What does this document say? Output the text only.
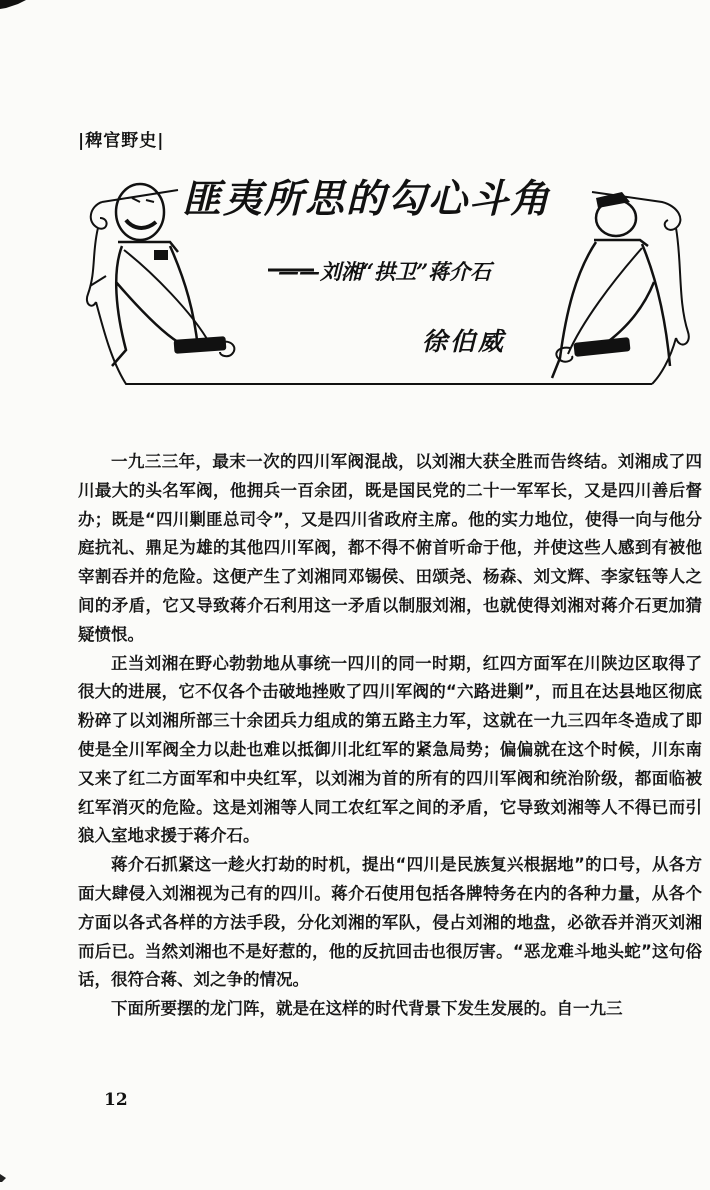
|稗官野史|
匪夷所思的勾心斗角
——刘湘“拱卫”蒋介石
徐伯威

一九三三年，最末一次的四川军阀混战，以刘湘大获全胜而告终结。刘湘成了四川最大的头名军阀，他拥兵一百余团，既是国民党的二十一军军长，又是四川善后督办；既是“四川剿匪总司令”，又是四川省政府主席。他的实力地位，使得一向与他分庭抗礼、鼎足为雄的其他四川军阀，都不得不俯首听命于他，并使这些人感到有被他宰割吞并的危险。这便产生了刘湘同邓锡侯、田颂尧、杨森、刘文辉、李家钰等人之间的矛盾，它又导致蒋介石利用这一矛盾以制服刘湘，也就使得刘湘对蒋介石更加猜疑愤恨。

正当刘湘在野心勃勃地从事统一四川的同一时期，红四方面军在川陕边区取得了很大的进展，它不仅各个击破地挫败了四川军阀的“六路进剿”，而且在达县地区彻底粉碎了以刘湘所部三十余团兵力组成的第五路主力军，这就在一九三四年冬造成了即使是全川军阀全力以赴也难以抵御川北红军的紧急局势；偏偏就在这个时候，川东南又来了红二方面军和中央红军，以刘湘为首的所有的四川军阀和统治阶级，都面临被红军消灭的危险。这是刘湘等人同工农红军之间的矛盾，它导致刘湘等人不得已而引狼入室地求援于蒋介石。

蒋介石抓紧这一趁火打劫的时机，提出“四川是民族复兴根据地”的口号，从各方面大肆侵入刘湘视为己有的四川。蒋介石使用包括各牌特务在内的各种力量，从各个方面以各式各样的方法手段，分化刘湘的军队，侵占刘湘的地盘，必欲吞并消灭刘湘而后已。当然刘湘也不是好惹的，他的反抗回击也很厉害。“恶龙难斗地头蛇”这句俗话，很符合蒋、刘之争的情况。

下面所要摆的龙门阵，就是在这样的时代背景下发生发展的。自一九三

12
